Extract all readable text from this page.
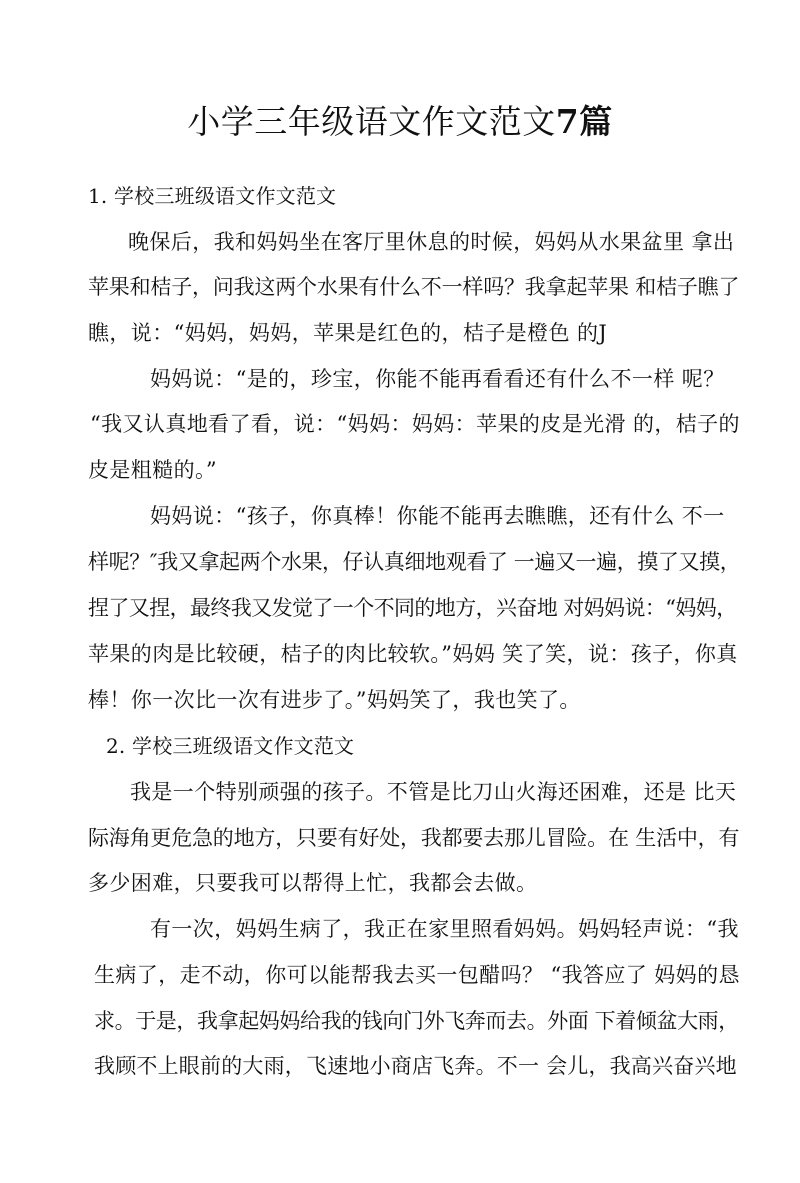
小学三年级语文作文范文7篇
1. 学校三班级语文作文范文
晚保后，我和妈妈坐在客厅里休息的时候，妈妈从水果盆里 拿出
苹果和桔子，问我这两个水果有什么不一样吗？我拿起苹果 和桔子瞧了
瞧，说：“妈妈，妈妈，苹果是红色的，桔子是橙色 的J
妈妈说：“是的，珍宝，你能不能再看看还有什么不一样 呢？
“我又认真地看了看，说：“妈妈：妈妈：苹果的皮是光滑 的，桔子的
皮是粗糙的。”
妈妈说：“孩子，你真棒！你能不能再去瞧瞧，还有什么 不一
样呢？″我又拿起两个水果，仔认真细地观看了 一遍又一遍，摸了又摸，
捏了又捏，最终我又发觉了一个不同的地方，兴奋地 对妈妈说：“妈妈，
苹果的肉是比较硬，桔子的肉比较软。”妈妈 笑了笑，说：孩子，你真
棒！你一次比一次有进步了。”妈妈笑了，我也笑了。
2. 学校三班级语文作文范文
我是一个特别顽强的孩子。不管是比刀山火海还困难，还是 比天
际海角更危急的地方，只要有好处，我都要去那儿冒险。在 生活中，有
多少困难，只要我可以帮得上忙，我都会去做。
有一次，妈妈生病了，我正在家里照看妈妈。妈妈轻声说：“我
生病了，走不动，你可以能帮我去买一包醋吗？ “我答应了 妈妈的恳
求。于是，我拿起妈妈给我的钱向门外飞奔而去。外面 下着倾盆大雨，
我顾不上眼前的大雨，飞速地小商店飞奔。不一 会儿，我高兴奋兴地
